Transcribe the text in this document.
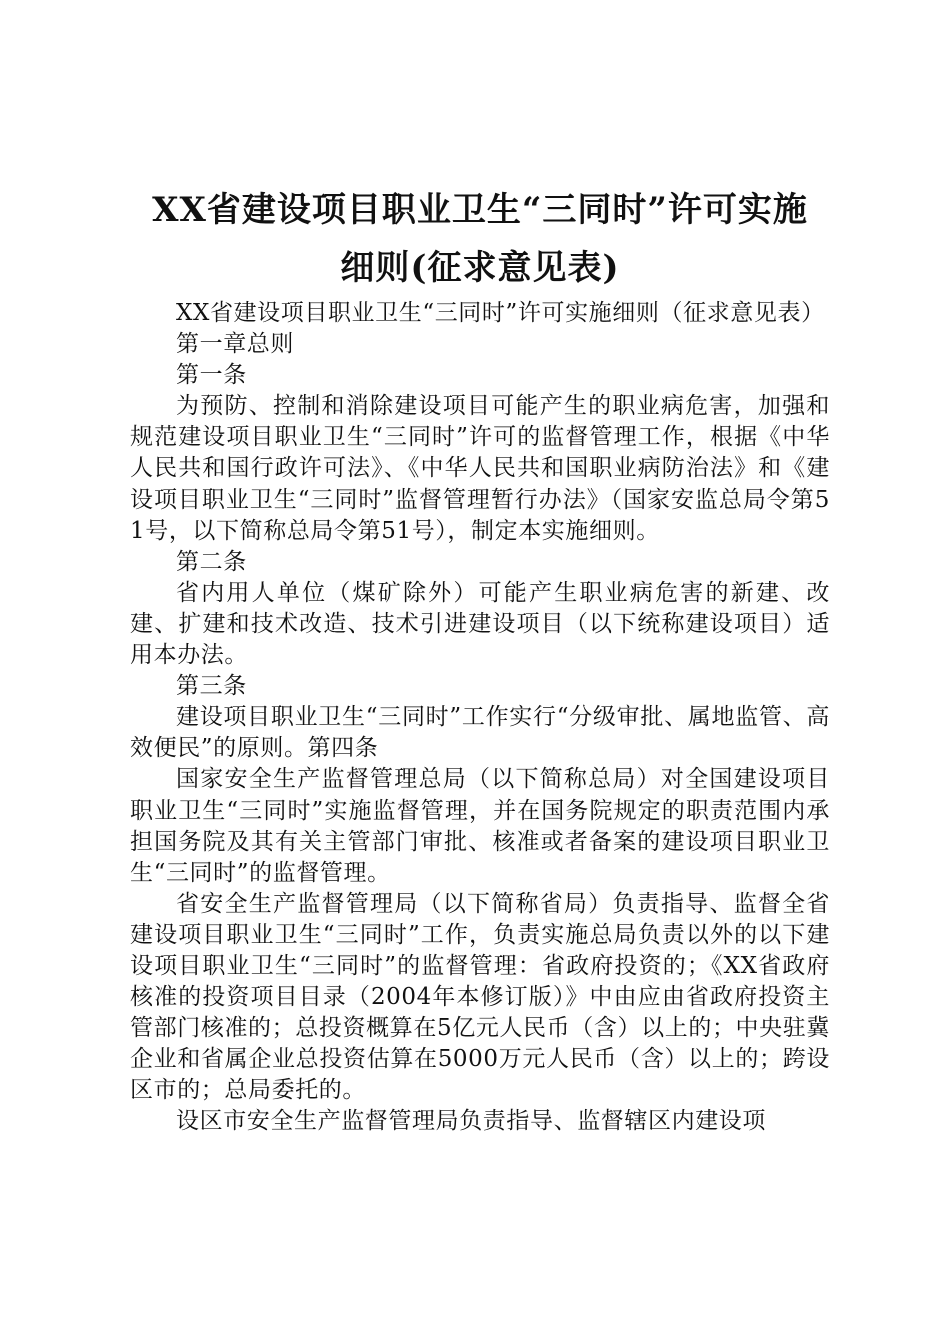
XX省建设项目职业卫生“三同时”许可实施
细则(征求意见表)

XX省建设项目职业卫生“三同时”许可实施细则（征求意见表）

第一章总则

第一条

为预防、控制和消除建设项目可能产生的职业病危害，加强和规范建设项目职业卫生“三同时”许可的监督管理工作，根据《中华人民共和国行政许可法》、《中华人民共和国职业病防治法》和《建设项目职业卫生“三同时”监督管理暂行办法》（国家安监总局令第51号，以下简称总局令第51号），制定本实施细则。

第二条

省内用人单位（煤矿除外）可能产生职业病危害的新建、改建、扩建和技术改造、技术引进建设项目（以下统称建设项目）适用本办法。

第三条

建设项目职业卫生“三同时”工作实行“分级审批、属地监管、高效便民”的原则。第四条

国家安全生产监督管理总局（以下简称总局）对全国建设项目职业卫生“三同时”实施监督管理，并在国务院规定的职责范围内承担国务院及其有关主管部门审批、核准或者备案的建设项目职业卫生“三同时”的监督管理。

省安全生产监督管理局（以下简称省局）负责指导、监督全省建设项目职业卫生“三同时”工作，负责实施总局负责以外的以下建设项目职业卫生“三同时”的监督管理：省政府投资的；《XX省政府核准的投资项目目录（2004年本修订版）》中由应由省政府投资主管部门核准的；总投资概算在5亿元人民币（含）以上的；中央驻冀企业和省属企业总投资估算在5000万元人民币（含）以上的；跨设区市的；总局委托的。

设区市安全生产监督管理局负责指导、监督辖区内建设项
